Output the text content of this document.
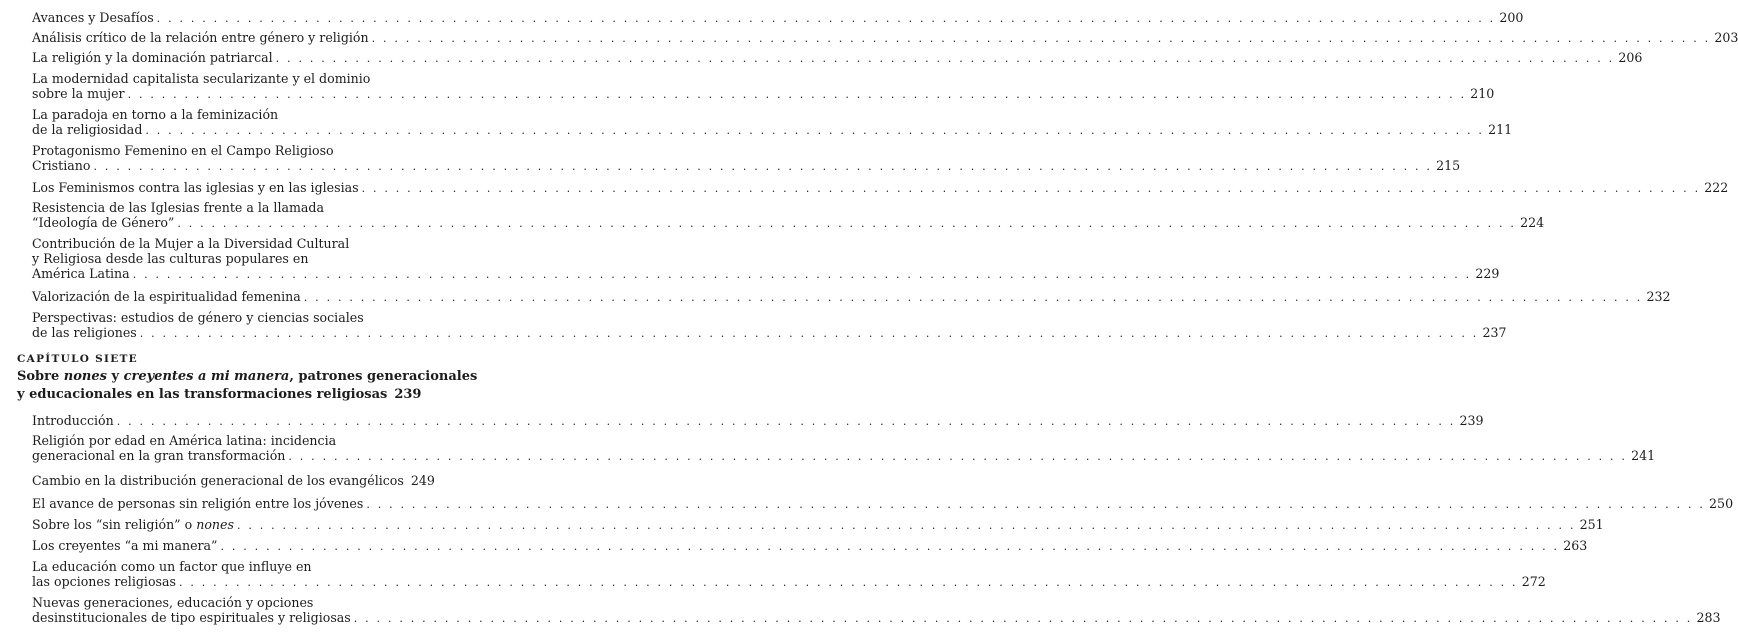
Avances y Desafíos . . .	200
Análisis crítico de la relación entre género y religión . . .	203
La religión y la dominación patriarcal . . .	206
La modernidad capitalista secularizante y el dominio
sobre la mujer . . .	210
La paradoja en torno a la feminización
de la religiosidad . . .	211
Protagonismo Femenino en el Campo Religioso
Cristiano . . .	215
Los Feminismos contra las iglesias y en las iglesias . . .	222
Resistencia de las Iglesias frente a la llamada
“Ideología de Género” . . .	224
Contribución de la Mujer a la Diversidad Cultural
y Religiosa desde las culturas populares en
América Latina . . .	229
Valorización de la espiritualidad femenina . . .	232
Perspectivas: estudios de género y ciencias sociales
de las religiones . . .	237
CAPÍTULO SIETE
Sobre nones y creyentes a mi manera, patrones generacionales
y educacionales en las transformaciones religiosas 239
Introducción . . .	239
Religión por edad en América latina: incidencia
generacional en la gran transformación . . .	241
Cambio en la distribución generacional de los evangélicos 249
El avance de personas sin religión entre los jóvenes . . .	250
Sobre los “sin religión” o nones . . .	251
Los creyentes “a mi manera” . . .	263
La educación como un factor que influye en
las opciones religiosas . . .	272
Nuevas generaciones, educación y opciones
desinstitucionales de tipo espirituales y religiosas . . .	283
